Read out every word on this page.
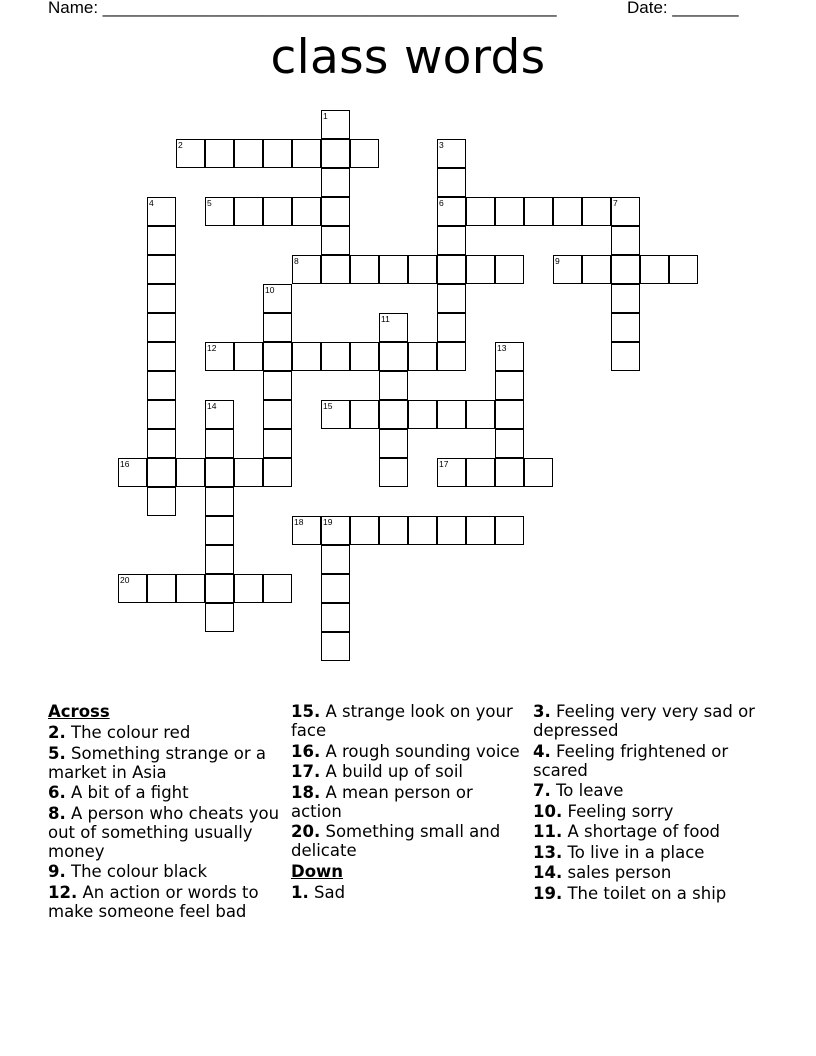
Name: ________________________________________________	Date: _______
class words
1
2	3
4	5	6	7
8	9
10
11
12	13
14	15
16	17
18 19
20
Across
2. The colour red
5. Something strange or a market in Asia
6. A bit of a fight
8. A person who cheats you out of something usually money
9. The colour black
12. An action or words to make someone feel bad
15. A strange look on your face
16. A rough sounding voice
17. A build up of soil
18. A mean person or action
20. Something small and delicate
Down
1. Sad
3. Feeling very very sad or depressed
4. Feeling frightened or scared
7. To leave
10. Feeling sorry
11. A shortage of food
13. To live in a place
14. sales person
19. The toilet on a ship
